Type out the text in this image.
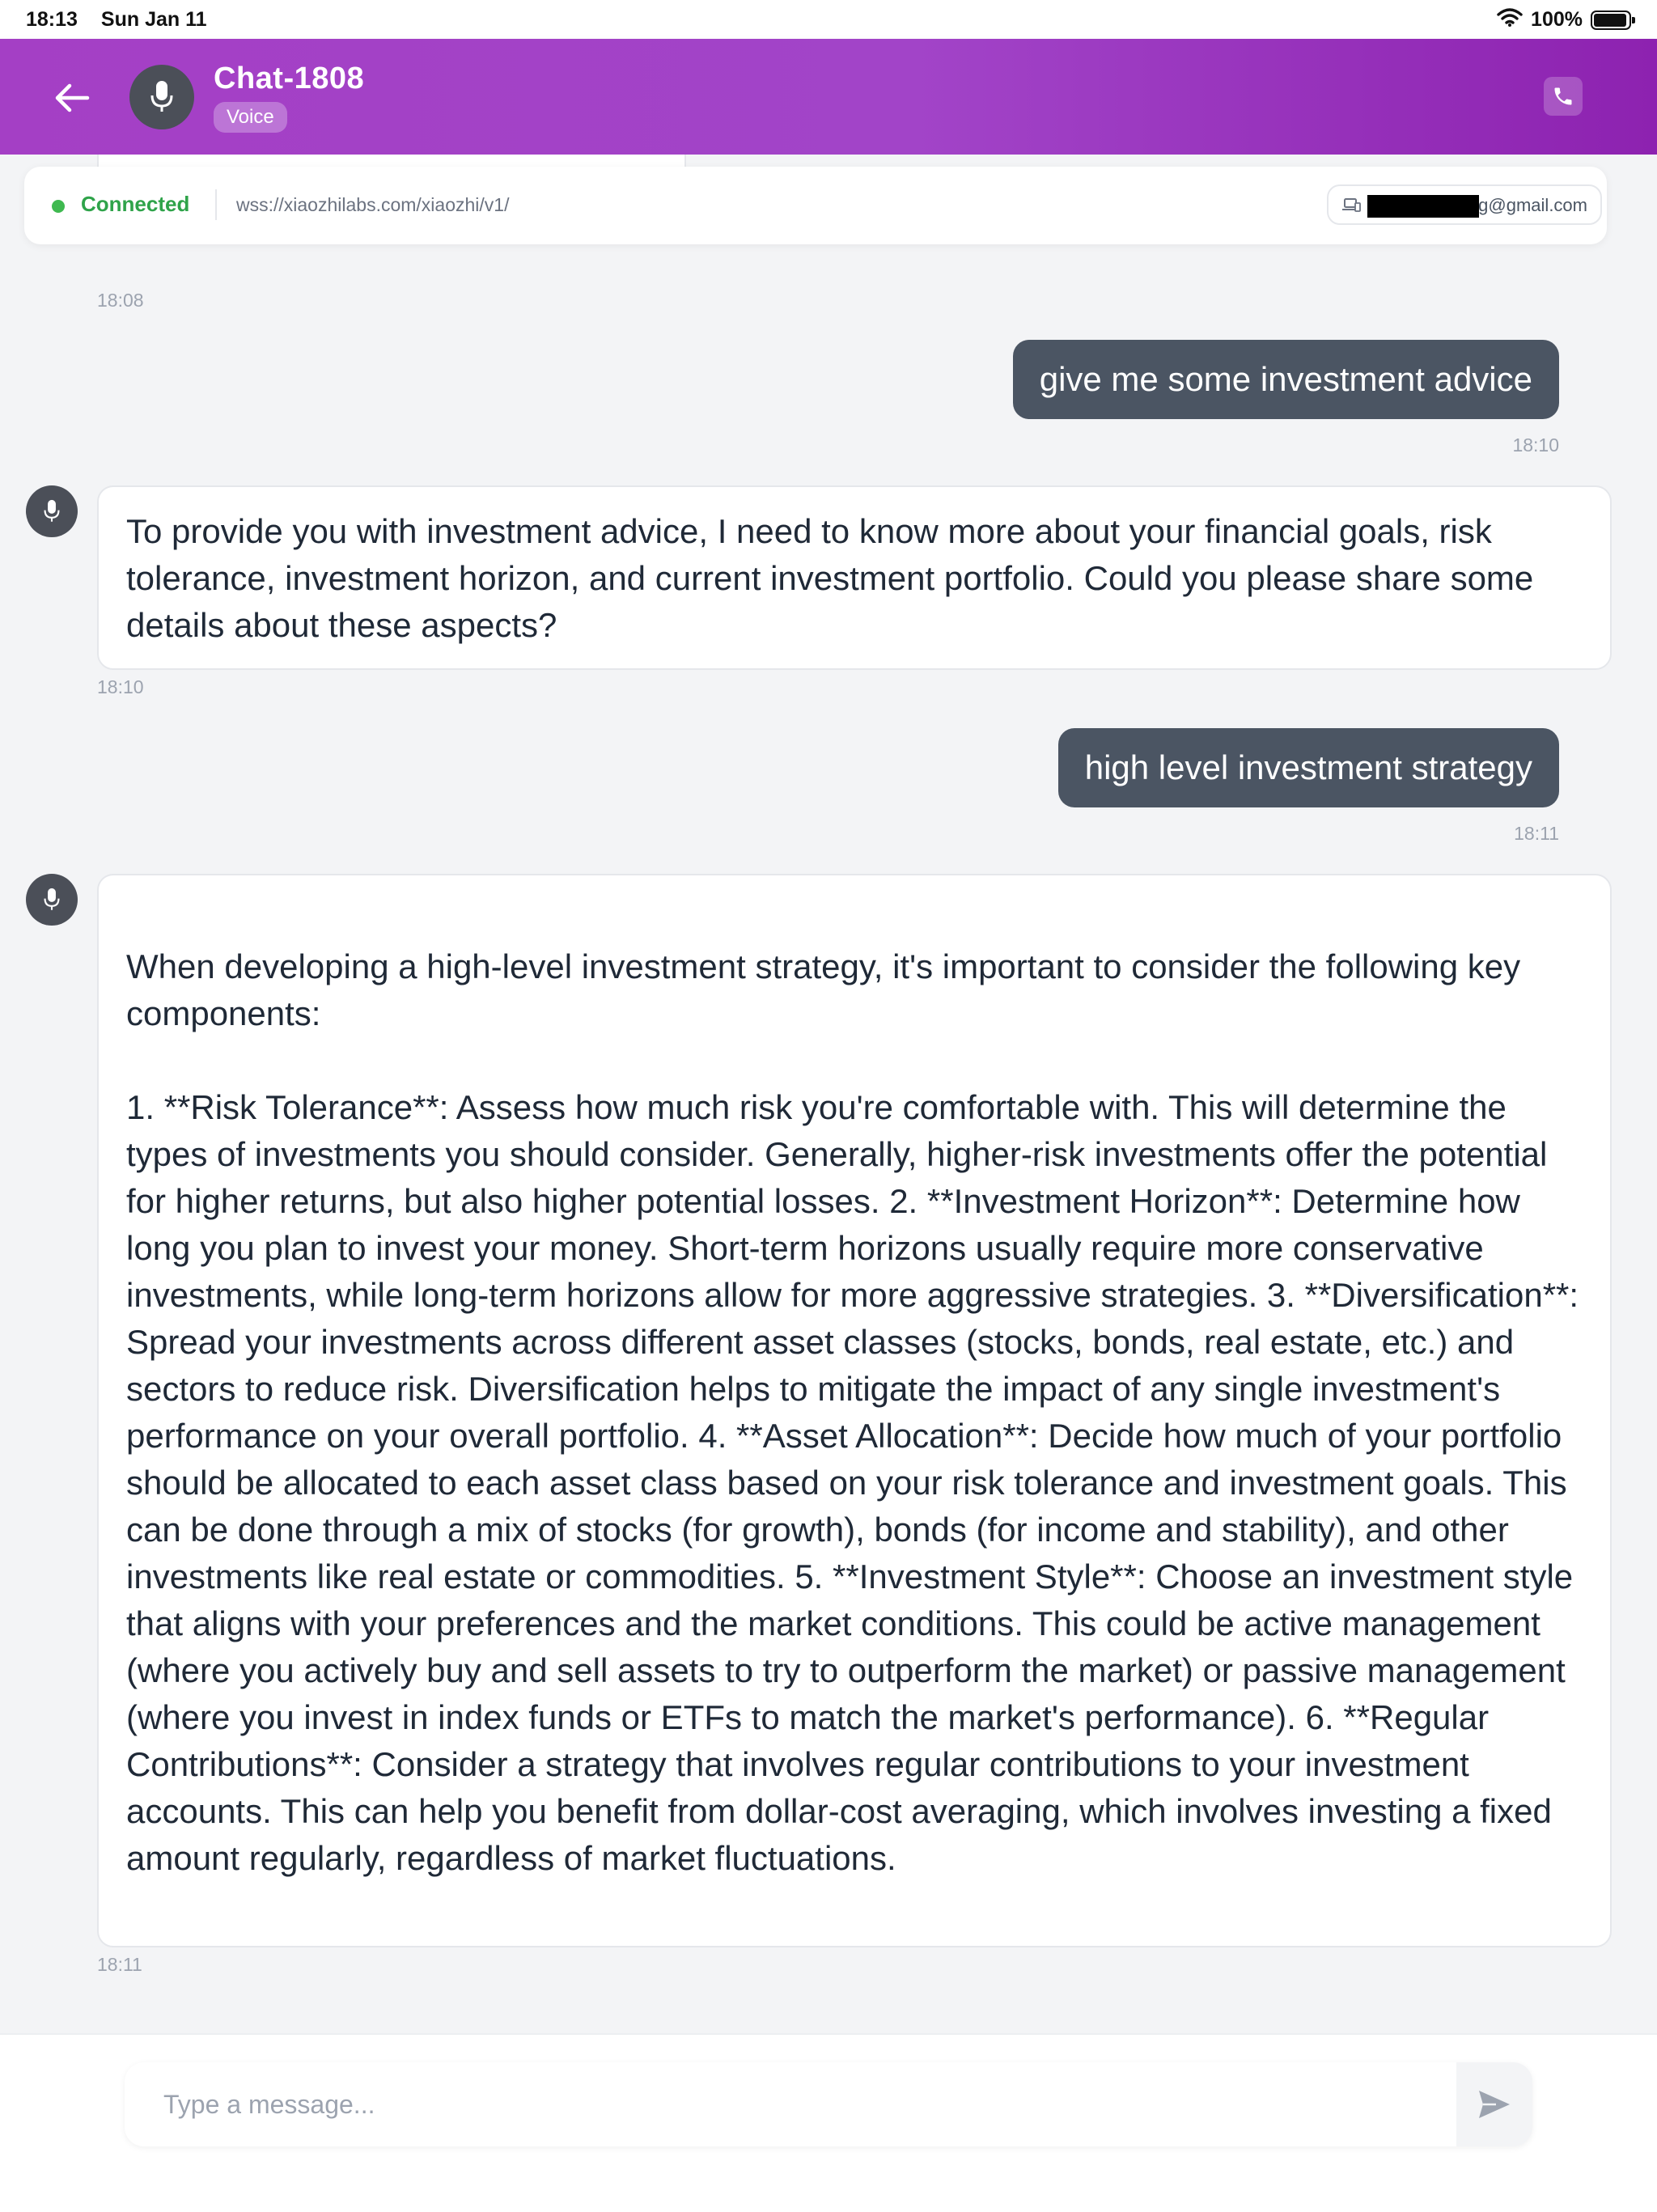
18:13 Sun Jan 11	100%
Chat-1808
Voice
18:08
give me some investment advice
18:10
To provide you with investment advice, I need to know more about your financial goals, risk tolerance, investment horizon, and current investment portfolio. Could you please share some details about these aspects?
18:10
high level investment strategy
18:11

When developing a high-level investment strategy, it's important to consider the following key components:

1. **Risk Tolerance**: Assess how much risk you're comfortable with. This will determine the types of investments you should consider. Generally, higher-risk investments offer the potential for higher returns, but also higher potential losses. 2. **Investment Horizon**: Determine how long you plan to invest your money. Short-term horizons usually require more conservative investments, while long-term horizons allow for more aggressive strategies. 3. **Diversification**: Spread your investments across different asset classes (stocks, bonds, real estate, etc.) and sectors to reduce risk. Diversification helps to mitigate the impact of any single investment's performance on your overall portfolio. 4. **Asset Allocation**: Decide how much of your portfolio should be allocated to each asset class based on your risk tolerance and investment goals. This can be done through a mix of stocks (for growth), bonds (for income and stability), and other investments like real estate or commodities. 5. **Investment Style**: Choose an investment style that aligns with your preferences and the market conditions. This could be active management (where you actively buy and sell assets to try to outperform the market) or passive management (where you invest in index funds or ETFs to match the market's performance). 6. **Regular Contributions**: Consider a strategy that involves regular contributions to your investment accounts. This can help you benefit from dollar-cost averaging, which involves investing a fixed amount regularly, regardless of market fluctuations.

18:11
Connected	wss://xiaozhilabs.com/xiaozhi/v1/	g@gmail.com
Type a message...
